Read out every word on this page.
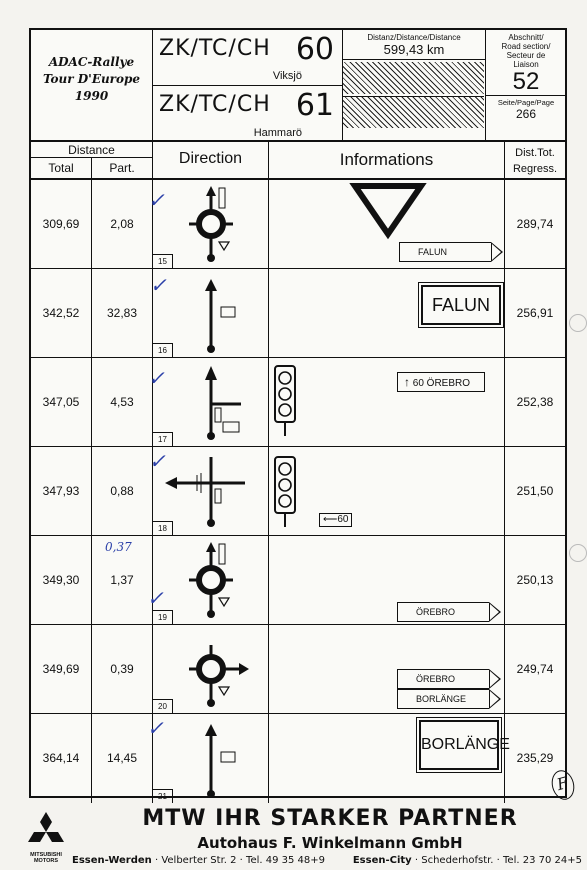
ADAC-Rallye
Tour D'Europe
1990
ZK/TC/CH 60
Viksjö
ZK/TC/CH 61
Hammarö
Distanz/Distance/Distance
599,43 km
Abschnitt/
Road section/
Secteur de
Liaison
52
Seite/Page/Page
266
Distance
Total	Part.
Direction	Informations	Dist.Tot.
Regress.
309,69	2,08
✓
15
FALUN
289,74
342,52	32,83
✓
16
FALUN	256,91
347,05	4,53
✓
17
↑ 60 ÖREBRO
252,38
347,93	0,88
✓
18
⟵60
251,50
349,30	1,37
0,37
✓
19
ÖREBRO
250,13
349,69	0,39
20
ÖREBRO
BORLÄNGE
249,74
364,14	14,45
✓
21
BORLÄNGE
235,29
F
MITSUBISHI
MOTORS
MTW IHR STARKER PARTNER
Autohaus F. Winkelmann GmbH
Essen-Werden · Velberter Str. 2 · Tel. 49 35 48+9	Essen-City · Schederhofstr. · Tel. 23 70 24+5
